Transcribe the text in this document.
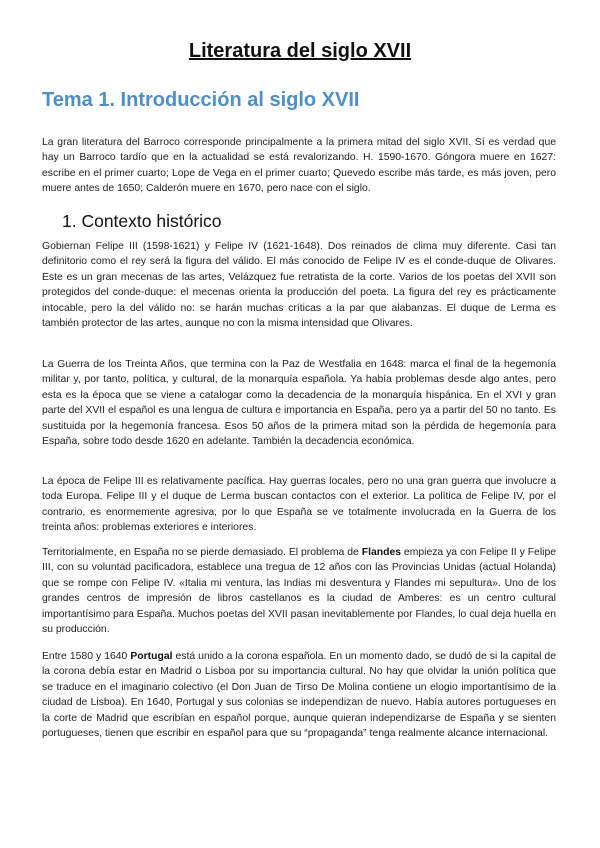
Literatura del siglo XVII
Tema 1. Introducción al siglo XVII

La gran literatura del Barroco corresponde principalmente a la primera mitad del siglo XVII. Sí es verdad que hay un Barroco tardío que en la actualidad se está revalorizando. H. 1590-1670. Góngora muere en 1627: escribe en el primer cuarto; Lope de Vega en el primer cuarto; Quevedo escribe más tarde, es más joven, pero muere antes de 1650; Calderón muere en 1670, pero nace con el siglo.

1. Contexto histórico

Gobiernan Felipe III (1598-1621) y Felipe IV (1621-1648). Dos reinados de clima muy diferente. Casi tan definitorio como el rey será la figura del válido. El más conocido de Felipe IV es el conde-duque de Olivares. Este es un gran mecenas de las artes, Velázquez fue retratista de la corte. Varios de los poetas del XVII son protegidos del conde-duque: el mecenas orienta la producción del poeta. La figura del rey es prácticamente intocable, pero la del válido no: se harán muchas críticas a la par que alabanzas. El duque de Lerma es también protector de las artes, aunque no con la misma intensidad que Olivares.

La Guerra de los Treinta Años, que termina con la Paz de Westfalia en 1648: marca el final de la hegemonía militar y, por tanto, política, y cultural, de la monarquía española. Ya había problemas desde algo antes, pero esta es la época que se viene a catalogar como la decadencia de la monarquía hispánica. En el XVI y gran parte del XVII el español es una lengua de cultura e importancia en España, pero ya a partir del 50 no tanto. Es sustituida por la hegemonía francesa. Esos 50 años de la primera mitad son la pérdida de hegemonía para España, sobre todo desde 1620 en adelante. También la decadencia económica.

La época de Felipe III es relativamente pacífica. Hay guerras locales, pero no una gran guerra que involucre a toda Europa. Felipe III y el duque de Lerma buscan contactos con el exterior. La política de Felipe IV, por el contrario, es enormemente agresiva, por lo que España se ve totalmente involucrada en la Guerra de los treinta años: problemas exteriores e interiores.

Territorialmente, en España no se pierde demasiado. El problema de Flandes empieza ya con Felipe II y Felipe III, con su voluntad pacificadora, establece una tregua de 12 años con las Provincias Unidas (actual Holanda) que se rompe con Felipe IV. «Italia mi ventura, las Indias mi desventura y Flandes mi sepultura». Uno de los grandes centros de impresión de libros castellanos es la ciudad de Amberes: es un centro cultural importantísimo para España. Muchos poetas del XVII pasan inevitablemente por Flandes, lo cual deja huella en su producción.

Entre 1580 y 1640 Portugal está unido a la corona española. En un momento dado, se dudó de si la capital de la corona debía estar en Madrid o Lisboa por su importancia cultural. No hay que olvidar la unión política que se traduce en el imaginario colectivo (el Don Juan de Tirso De Molina contiene un elogio importantísimo de la ciudad de Lisboa). En 1640, Portugal y sus colonias se independizan de nuevo. Había autores portugueses en la corte de Madrid que escribían en español porque, aunque quieran independizarse de España y se sienten portugueses, tienen que escribir en español para que su “propaganda” tenga realmente alcance internacional.
